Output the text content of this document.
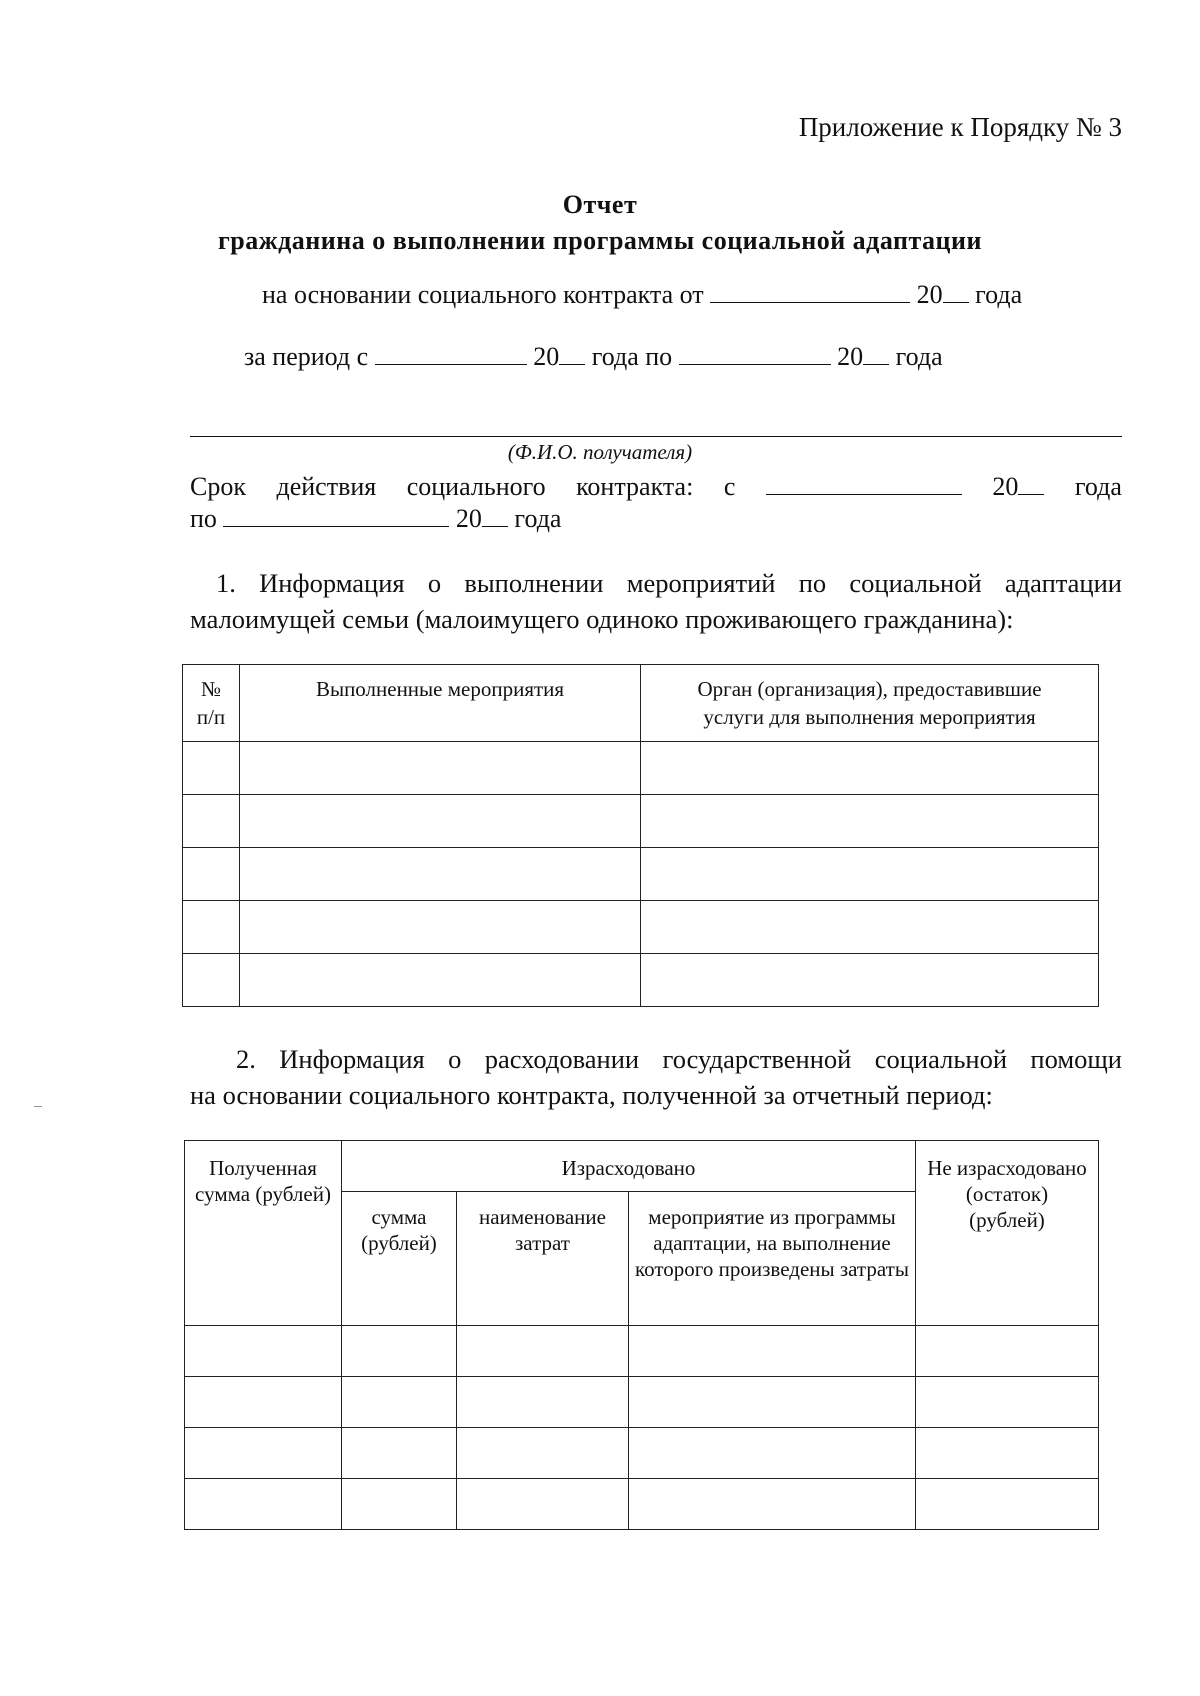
Приложение к Порядку № 3
Отчет
гражданина о выполнении программы социальной адаптации
на основании социального контракта от	20 года
за период с	20 года по	20 года
(Ф.И.О. получателя)
Срок действия социального контракта: с	20	года
по	20 года
1. Информация о выполнении мероприятий по социальной адаптации
малоимущей семьи (малоимущего одиноко проживающего гражданина):
№ п/п	Выполненные мероприятия	Орган (организация), предоставившие услуги для выполнения мероприятия

2. Информация о расходовании государственной социальной помощи
на основании социального контракта, полученной за отчетный период:
Полученная сумма (рублей)	Израсходовано			Не израсходовано (остаток) (рублей)
	сумма (рублей)	наименование затрат	мероприятие из программы адаптации, на выполнение которого произведены затраты	
